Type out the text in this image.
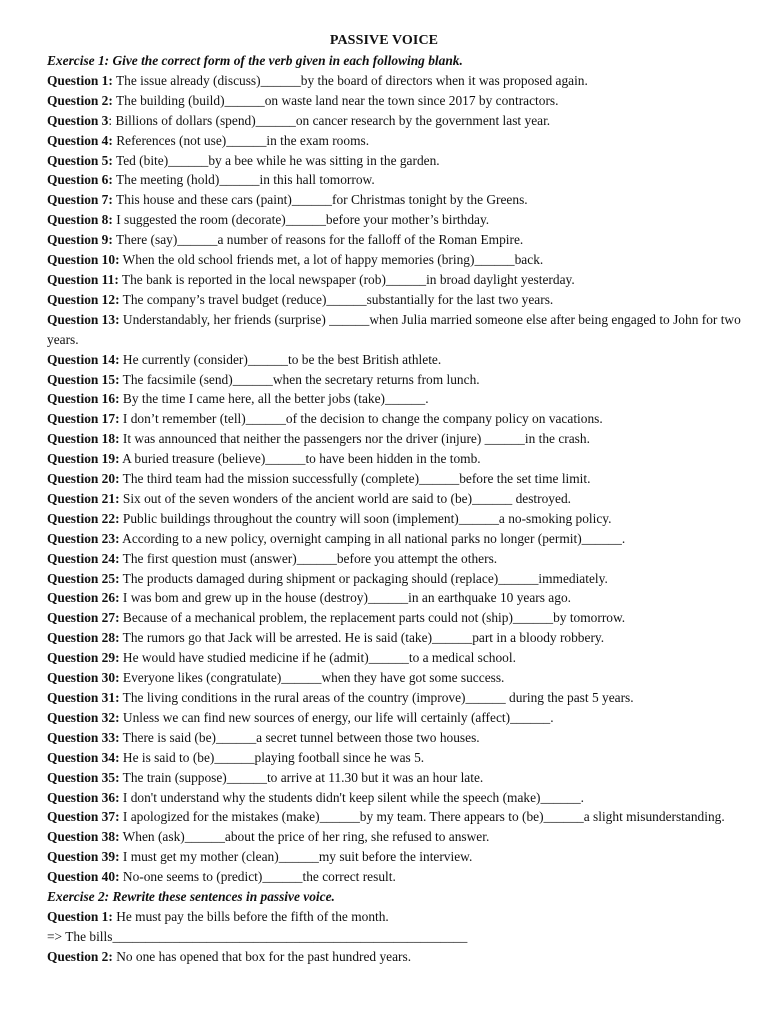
PASSIVE VOICE
Exercise 1: Give the correct form of the verb given in each following blank.
Question 1: The issue already (discuss)______by the board of directors when it was proposed again.
Question 2: The building (build)______on waste land near the town since 2017 by contractors.
Question 3: Billions of dollars (spend)______on cancer research by the government last year.
Question 4: References (not use)______in the exam rooms.
Question 5: Ted (bite)______by a bee while he was sitting in the garden.
Question 6: The meeting (hold)______in this hall tomorrow.
Question 7: This house and these cars (paint)______for Christmas tonight by the Greens.
Question 8: I suggested the room (decorate)______before your mother’s birthday.
Question 9: There (say)______a number of reasons for the falloff of the Roman Empire.
Question 10: When the old school friends met, a lot of happy memories (bring)______back.
Question 11: The bank is reported in the local newspaper (rob)______in broad daylight yesterday.
Question 12: The company’s travel budget (reduce)______substantially for the last two years.
Question 13: Understandably, her friends (surprise) ______when Julia married someone else after being engaged to John for two years.
Question 14: He currently (consider)______to be the best British athlete.
Question 15: The facsimile (send)______when the secretary returns from lunch.
Question 16: By the time I came here, all the better jobs (take)______.
Question 17: I don’t remember (tell)______of the decision to change the company policy on vacations.
Question 18: It was announced that neither the passengers nor the driver (injure) ______in the crash.
Question 19: A buried treasure (believe)______to have been hidden in the tomb.
Question 20: The third team had the mission successfully (complete)______before the set time limit.
Question 21: Six out of the seven wonders of the ancient world are said to (be)______ destroyed.
Question 22: Public buildings throughout the country will soon (implement)______a no-smoking policy.
Question 23: According to a new policy, overnight camping in all national parks no longer (permit)______.
Question 24: The first question must (answer)______before you attempt the others.
Question 25: The products damaged during shipment or packaging should (replace)______immediately.
Question 26: I was bom and grew up in the house (destroy)______in an earthquake 10 years ago.
Question 27: Because of a mechanical problem, the replacement parts could not (ship)______by tomorrow.
Question 28: The rumors go that Jack will be arrested. He is said (take)______part in a bloody robbery.
Question 29: He would have studied medicine if he (admit)______to a medical school.
Question 30: Everyone likes (congratulate)______when they have got some success.
Question 31: The living conditions in the rural areas of the country (improve)______ during the past 5 years.
Question 32: Unless we can find new sources of energy, our life will certainly (affect)______.
Question 33: There is said (be)______a secret tunnel between those two houses.
Question 34: He is said to (be)______playing football since he was 5.
Question 35: The train (suppose)______to arrive at 11.30 but it was an hour late.
Question 36: I don't understand why the students didn't keep silent while the speech (make)______.
Question 37: I apologized for the mistakes (make)______by my team. There appears to (be)______a slight misunderstanding.
Question 38: When (ask)______about the price of her ring, she refused to answer.
Question 39: I must get my mother (clean)______my suit before the interview.
Question 40: No-one seems to (predict)______the correct result.
Exercise 2: Rewrite these sentences in passive voice.
Question 1: He must pay the bills before the fifth of the month.
=> The bills_____________________________________________________
Question 2: No one has opened that box for the past hundred years.
